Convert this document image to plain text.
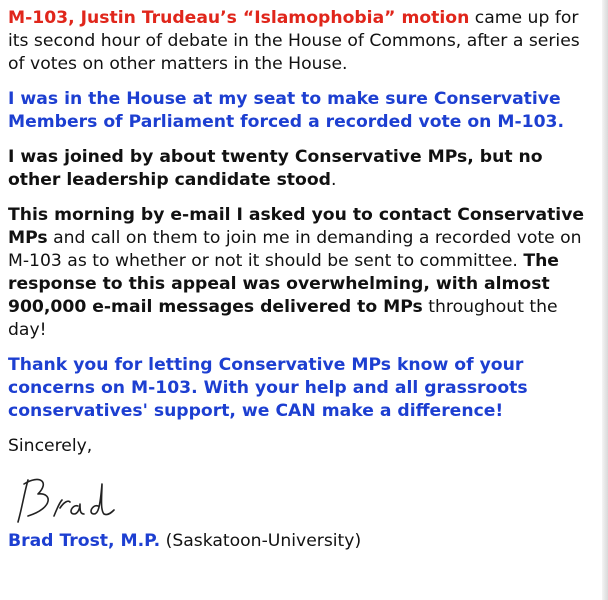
M-103, Justin Trudeau’s “Islamophobia” motion came up for its second hour of debate in the House of Commons, after a series of votes on other matters in the House.

I was in the House at my seat to make sure Conservative Members of Parliament forced a recorded vote on M-103.

I was joined by about twenty Conservative MPs, but no other leadership candidate stood.

This morning by e-mail I asked you to contact Conservative MPs and call on them to join me in demanding a recorded vote on M-103 as to whether or not it should be sent to committee. The response to this appeal was overwhelming, with almost 900,000 e-mail messages delivered to MPs throughout the day!

Thank you for letting Conservative MPs know of your concerns on M-103. With your help and all grassroots conservatives' support, we CAN make a difference!

Sincerely,

Brad Trost, M.P. (Saskatoon-University)
